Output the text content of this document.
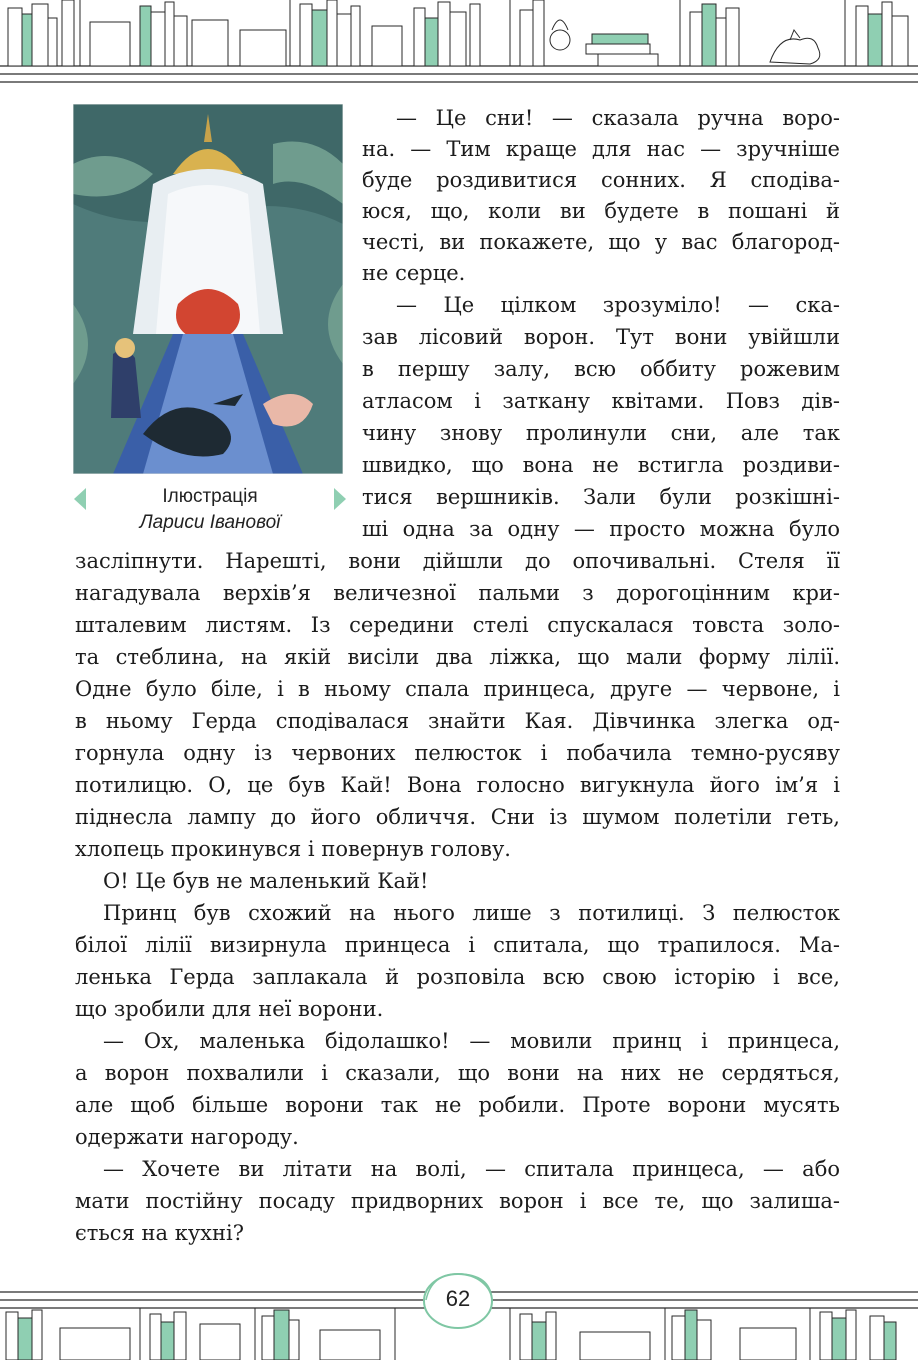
Ілюстрація
Лариси Іванової
— Це сни! — сказала ручна воро-
на. — Тим краще для нас — зручніше
буде роздивитися сонних. Я сподіва-
юся, що, коли ви будете в пошані й
честі, ви покажете, що у вас благород-
не серце.
— Це цілком зрозуміло! — ска-
зав лісовий ворон. Тут вони увійшли
в першу залу, всю оббиту рожевим
атласом і заткану квітами. Повз дів-
чину знову пролинули сни, але так
швидко, що вона не встигла роздиви-
тися вершників. Зали були розкішні-
ші одна за одну — просто можна було
засліпнути. Нарешті, вони дійшли до опочивальні. Стеля її
нагадувала верхів’я величезної пальми з дорогоцінним кри-
шталевим листям. Із середини стелі спускалася товста золо-
та стеблина, на якій висіли два ліжка, що мали форму лілії.
Одне було біле, і в ньому спала принцеса, друге — червоне, і
в ньому Герда сподівалася знайти Кая. Дівчинка злегка од-
горнула одну із червоних пелюсток і побачила темно-русяву
потилицю. О, це був Кай! Вона голосно вигукнула його ім’я і
піднесла лампу до його обличчя. Сни із шумом полетіли геть,
хлопець прокинувся і повернув голову.
О! Це був не маленький Кай!
Принц був схожий на нього лише з потилиці. З пелюсток
білої лілії визирнула принцеса і спитала, що трапилося. Ма-
ленька Герда заплакала й розповіла всю свою історію і все,
що зробили для неї ворони.
— Ох, маленька бідолашко! — мовили принц і принцеса,
а ворон похвалили і сказали, що вони на них не сердяться,
але щоб більше ворони так не робили. Проте ворони мусять
одержати нагороду.
— Хочете ви літати на волі, — спитала принцеса, — або
мати постійну посаду придворних ворон і все те, що залиша-
ється на кухні?
62
